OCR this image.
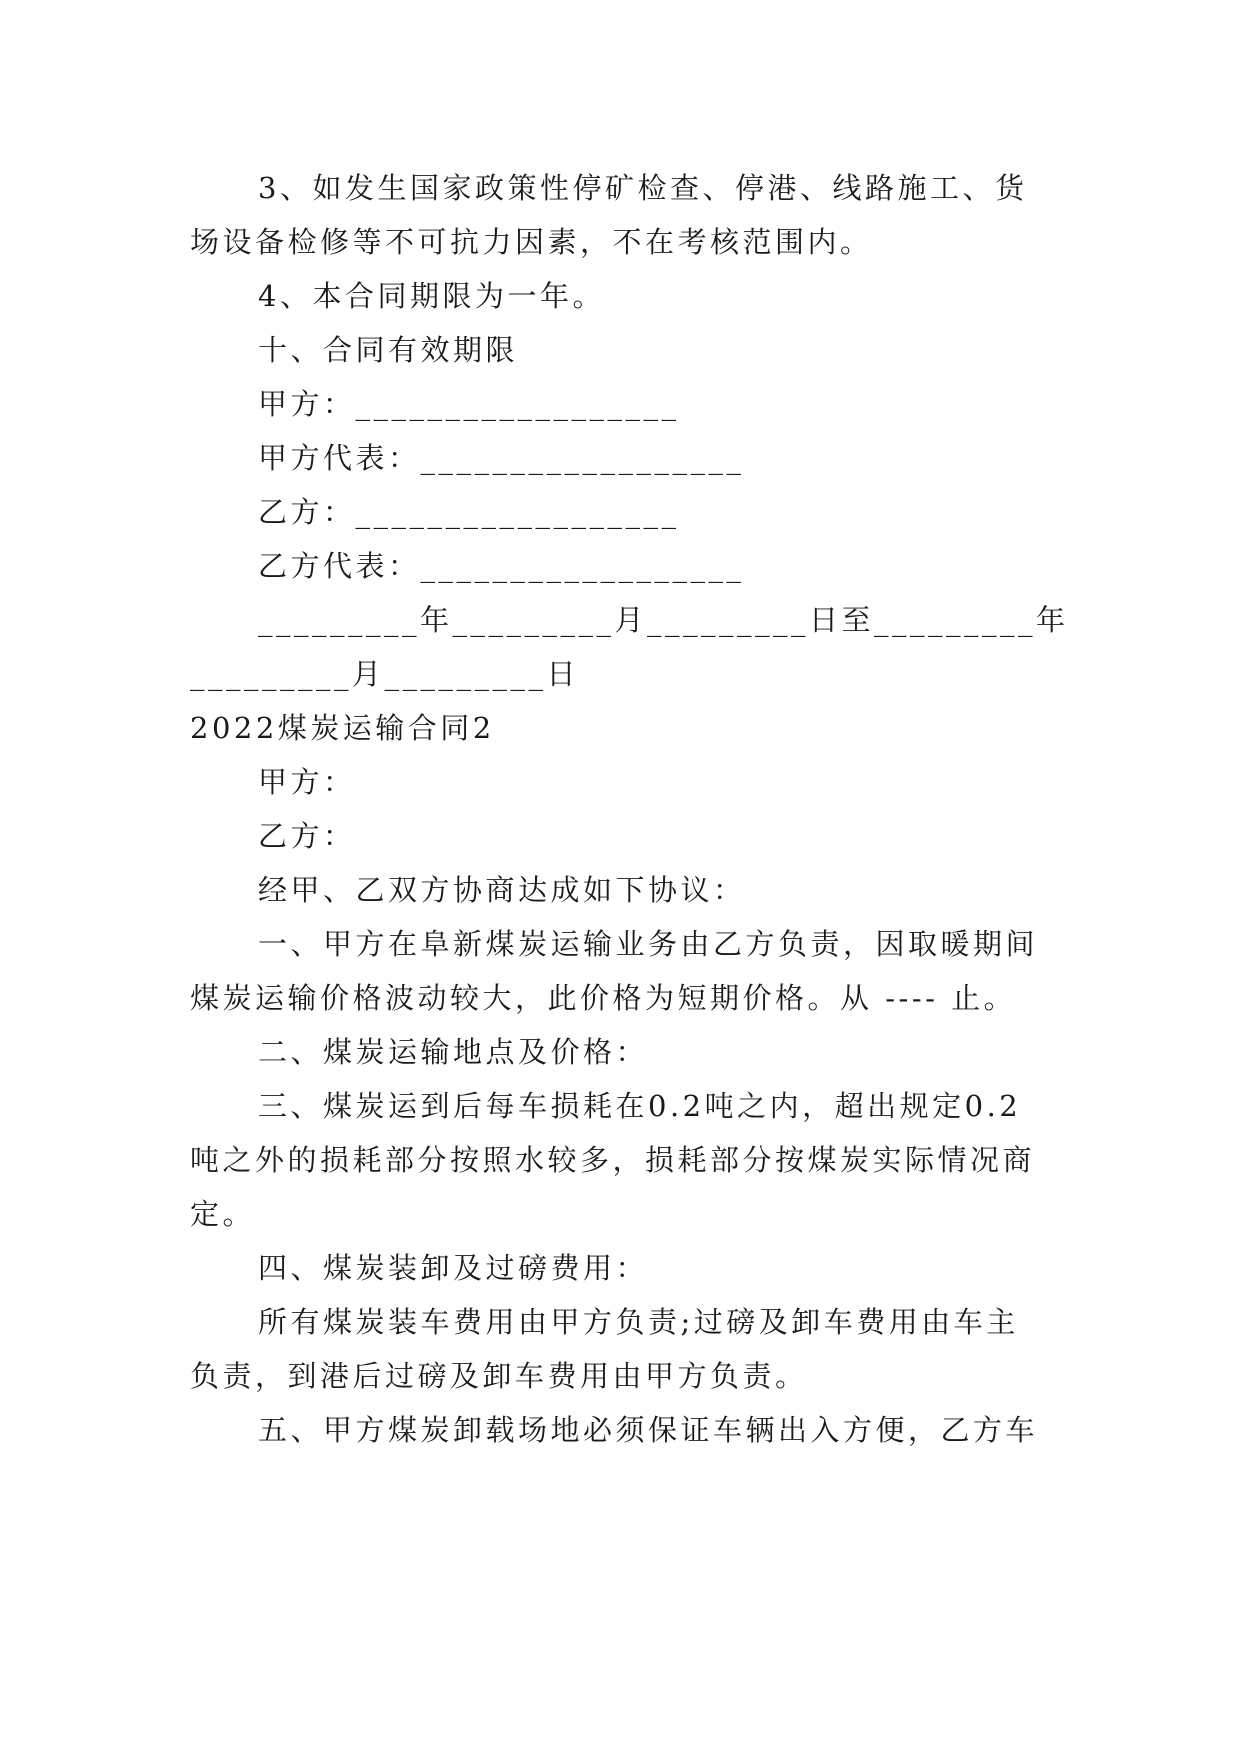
3、如发生国家政策性停矿检查、停港、线路施工、货
场设备检修等不可抗力因素，不在考核范围内。
4、本合同期限为一年。
十、合同有效期限
甲方：__________________
甲方代表：__________________
乙方：__________________
乙方代表：__________________
_________年_________月_________日至_________年
_________月_________日
2022煤炭运输合同2
甲方：
乙方：
经甲、乙双方协商达成如下协议：
一、甲方在阜新煤炭运输业务由乙方负责，因取暖期间
煤炭运输价格波动较大，此价格为短期价格。从 ---- 止。
二、煤炭运输地点及价格：
三、煤炭运到后每车损耗在0.2吨之内，超出规定0.2
吨之外的损耗部分按照水较多，损耗部分按煤炭实际情况商
定。
四、煤炭装卸及过磅费用：
所有煤炭装车费用由甲方负责;过磅及卸车费用由车主
负责，到港后过磅及卸车费用由甲方负责。
五、甲方煤炭卸载场地必须保证车辆出入方便，乙方车
